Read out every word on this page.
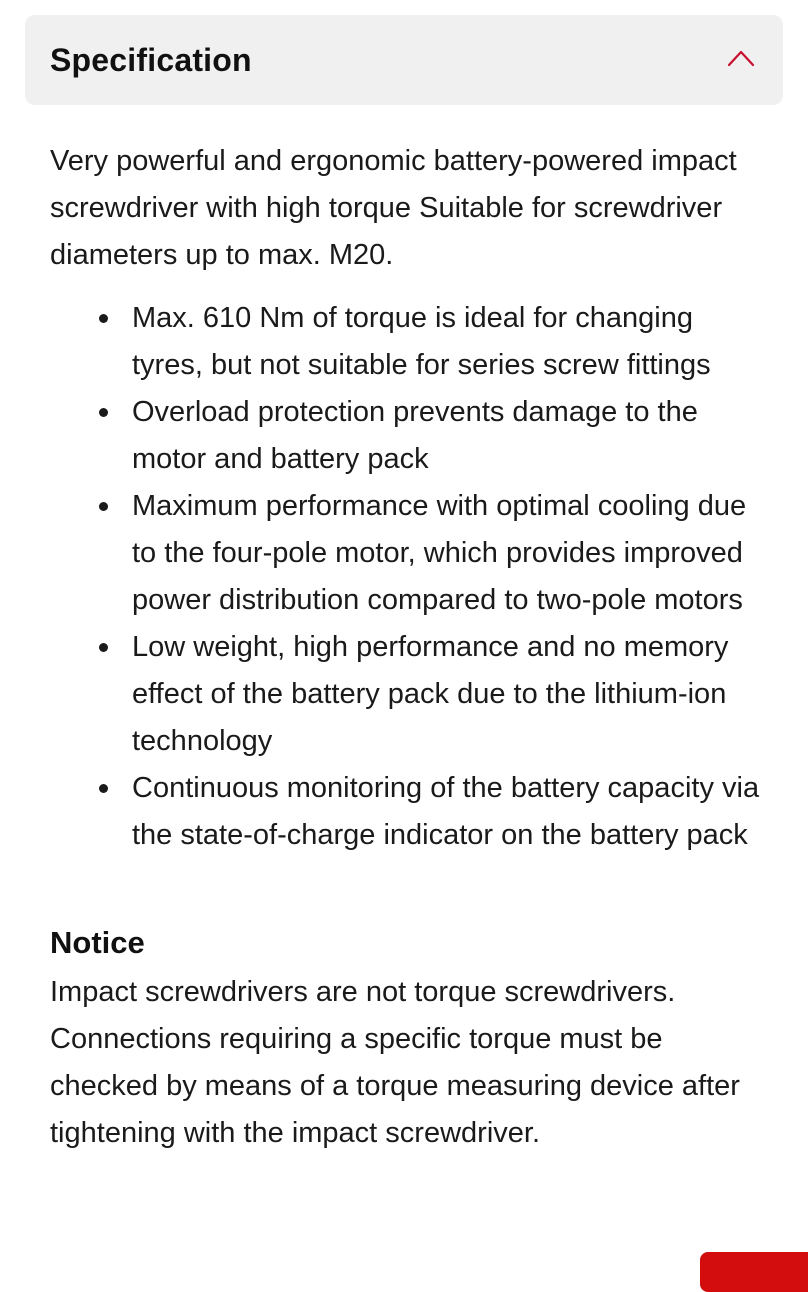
Specification

Very powerful and ergonomic battery-powered impact screwdriver with high torque Suitable for screwdriver diameters up to max. M20.

Max. 610 Nm of torque is ideal for changing tyres, but not suitable for series screw fittings
Overload protection prevents damage to the motor and battery pack
Maximum performance with optimal cooling due to the four-pole motor, which provides improved power distribution compared to two-pole motors
Low weight, high performance and no memory effect of the battery pack due to the lithium-ion technology
Continuous monitoring of the battery capacity via the state-of-charge indicator on the battery pack
Notice

Impact screwdrivers are not torque screwdrivers. Connections requiring a specific torque must be checked by means of a torque measuring device after tightening with the impact screwdriver.
